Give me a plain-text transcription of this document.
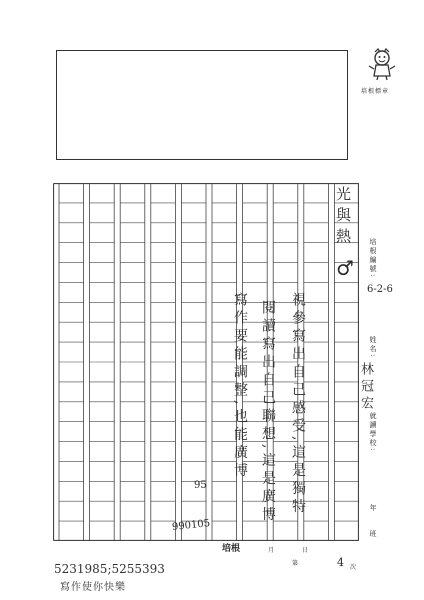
培根標章
光與熱
♂
視參寫出自己感受,這是獨特
閱讀寫出自己聯想,這是廣博
寫作要能調整,也能廣博
培根編號:
6-2-6
姓名:
林冠宏
就讀學校:
年
班
95
990105
4
培根	月	日
第
次
5231985;5255393
寫作使你快樂
